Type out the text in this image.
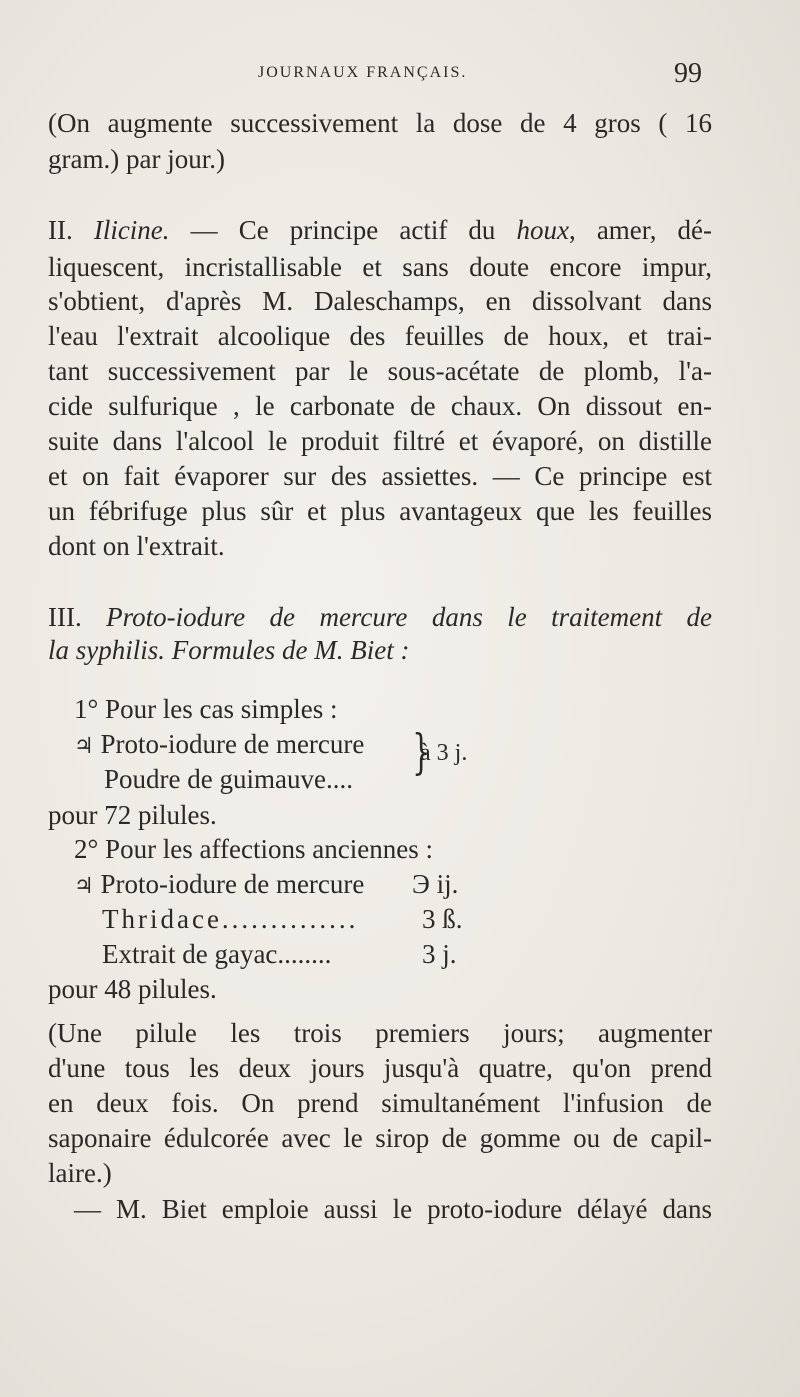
JOURNAUX FRANÇAIS.	99
(On augmente successivement la dose de 4 gros ( 16
gram.) par jour.)
II. Ilicine. — Ce principe actif du houx, amer, dé-
liquescent, incristallisable et sans doute encore impur,
s'obtient, d'après M. Daleschamps, en dissolvant dans
l'eau l'extrait alcoolique des feuilles de houx, et trai-
tant successivement par le sous-acétate de plomb, l'a-
cide sulfurique , le carbonate de chaux. On dissout en-
suite dans l'alcool le produit filtré et évaporé, on distille
et on fait évaporer sur des assiettes. — Ce principe est
un fébrifuge plus sûr et plus avantageux que les feuilles
dont on l'extrait.
III. Proto-iodure de mercure dans le traitement de
la syphilis. Formules de M. Biet :
1° Pour les cas simples :
♃ Proto-iodure de mercure
Poudre de guimauve.... }
à 3 j.
pour 72 pilules.
2° Pour les affections anciennes :
♃ Proto-iodure de mercure Э ij.
Thridace.............. 3 ß.
Extrait de gayac........	3 j.
pour 48 pilules.
(Une pilule les trois premiers jours; augmenter
d'une tous les deux jours jusqu'à quatre, qu'on prend
en deux fois. On prend simultanément l'infusion de
saponaire édulcorée avec le sirop de gomme ou de capil-
laire.)
— M. Biet emploie aussi le proto-iodure délayé dans
